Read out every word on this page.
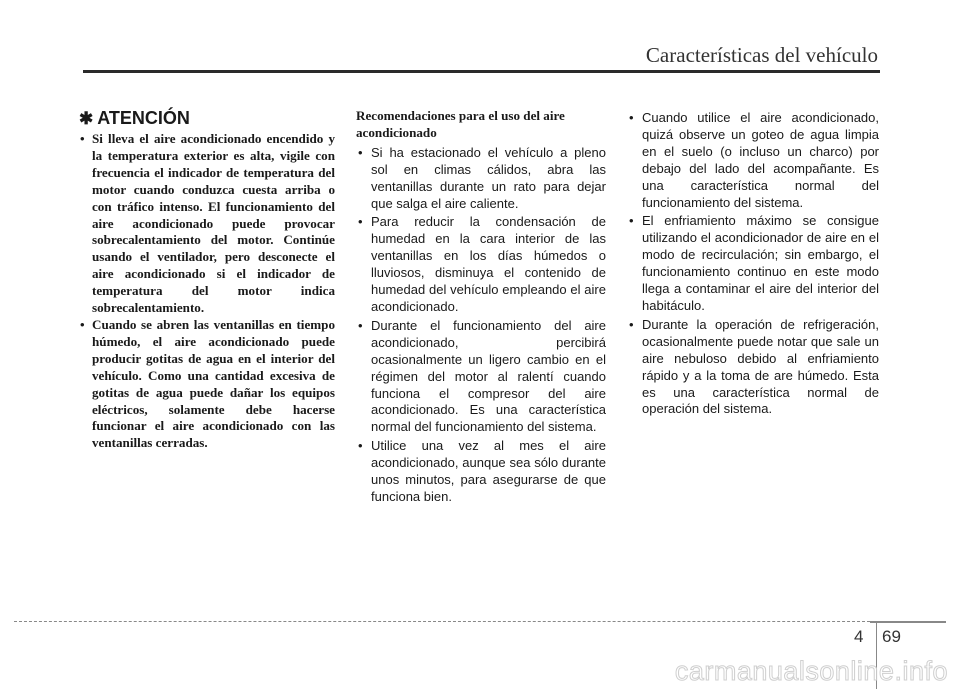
Características del vehículo
✱ ATENCIÓN
• Si lleva el aire acondicionado encendido y la temperatura exterior es alta, vigile con frecuencia el indicador de temperatura del motor cuando conduzca cuesta arriba o con tráfico intenso. El funcionamiento del aire acondicionado puede provocar sobrecalentamiento del motor. Continúe usando el ventilador, pero desconecte el aire acondicionado si el indicador de temperatura del motor indica sobrecalentamiento.
• Cuando se abren las ventanillas en tiempo húmedo, el aire acondicionado puede producir gotitas de agua en el interior del vehículo. Como una cantidad excesiva de gotitas de agua puede dañar los equipos eléctricos, solamente debe hacerse funcionar el aire acondicionado con las ventanillas cerradas.
Recomendaciones para el uso del aire acondicionado
• Si ha estacionado el vehículo a pleno sol en climas cálidos, abra las ventanillas durante un rato para dejar que salga el aire caliente.
• Para reducir la condensación de humedad en la cara interior de las ventanillas en los días húmedos o lluviosos, disminuya el contenido de humedad del vehículo empleando el aire acondicionado.
• Durante el funcionamiento del aire acondicionado, percibirá ocasionalmente un ligero cambio en el régimen del motor al ralentí cuando funciona el compresor del aire acondicionado. Es una característica normal del funcionamiento del sistema.
• Utilice una vez al mes el aire acondicionado, aunque sea sólo durante unos minutos, para asegurarse de que funciona bien.
• Cuando utilice el aire acondicionado, quizá observe un goteo de agua limpia en el suelo (o incluso un charco) por debajo del lado del acompañante. Es una característica normal del funcionamiento del sistema.
• El enfriamiento máximo se consigue utilizando el acondicionador de aire en el modo de recirculación; sin embargo, el funcionamiento continuo en este modo llega a contaminar el aire del interior del habitáculo.
• Durante la operación de refrigeración, ocasionalmente puede notar que sale un aire nebuloso debido al enfriamiento rápido y a la toma de are húmedo. Esta es una característica normal de operación del sistema.
4 69
carmanualsonline.info
